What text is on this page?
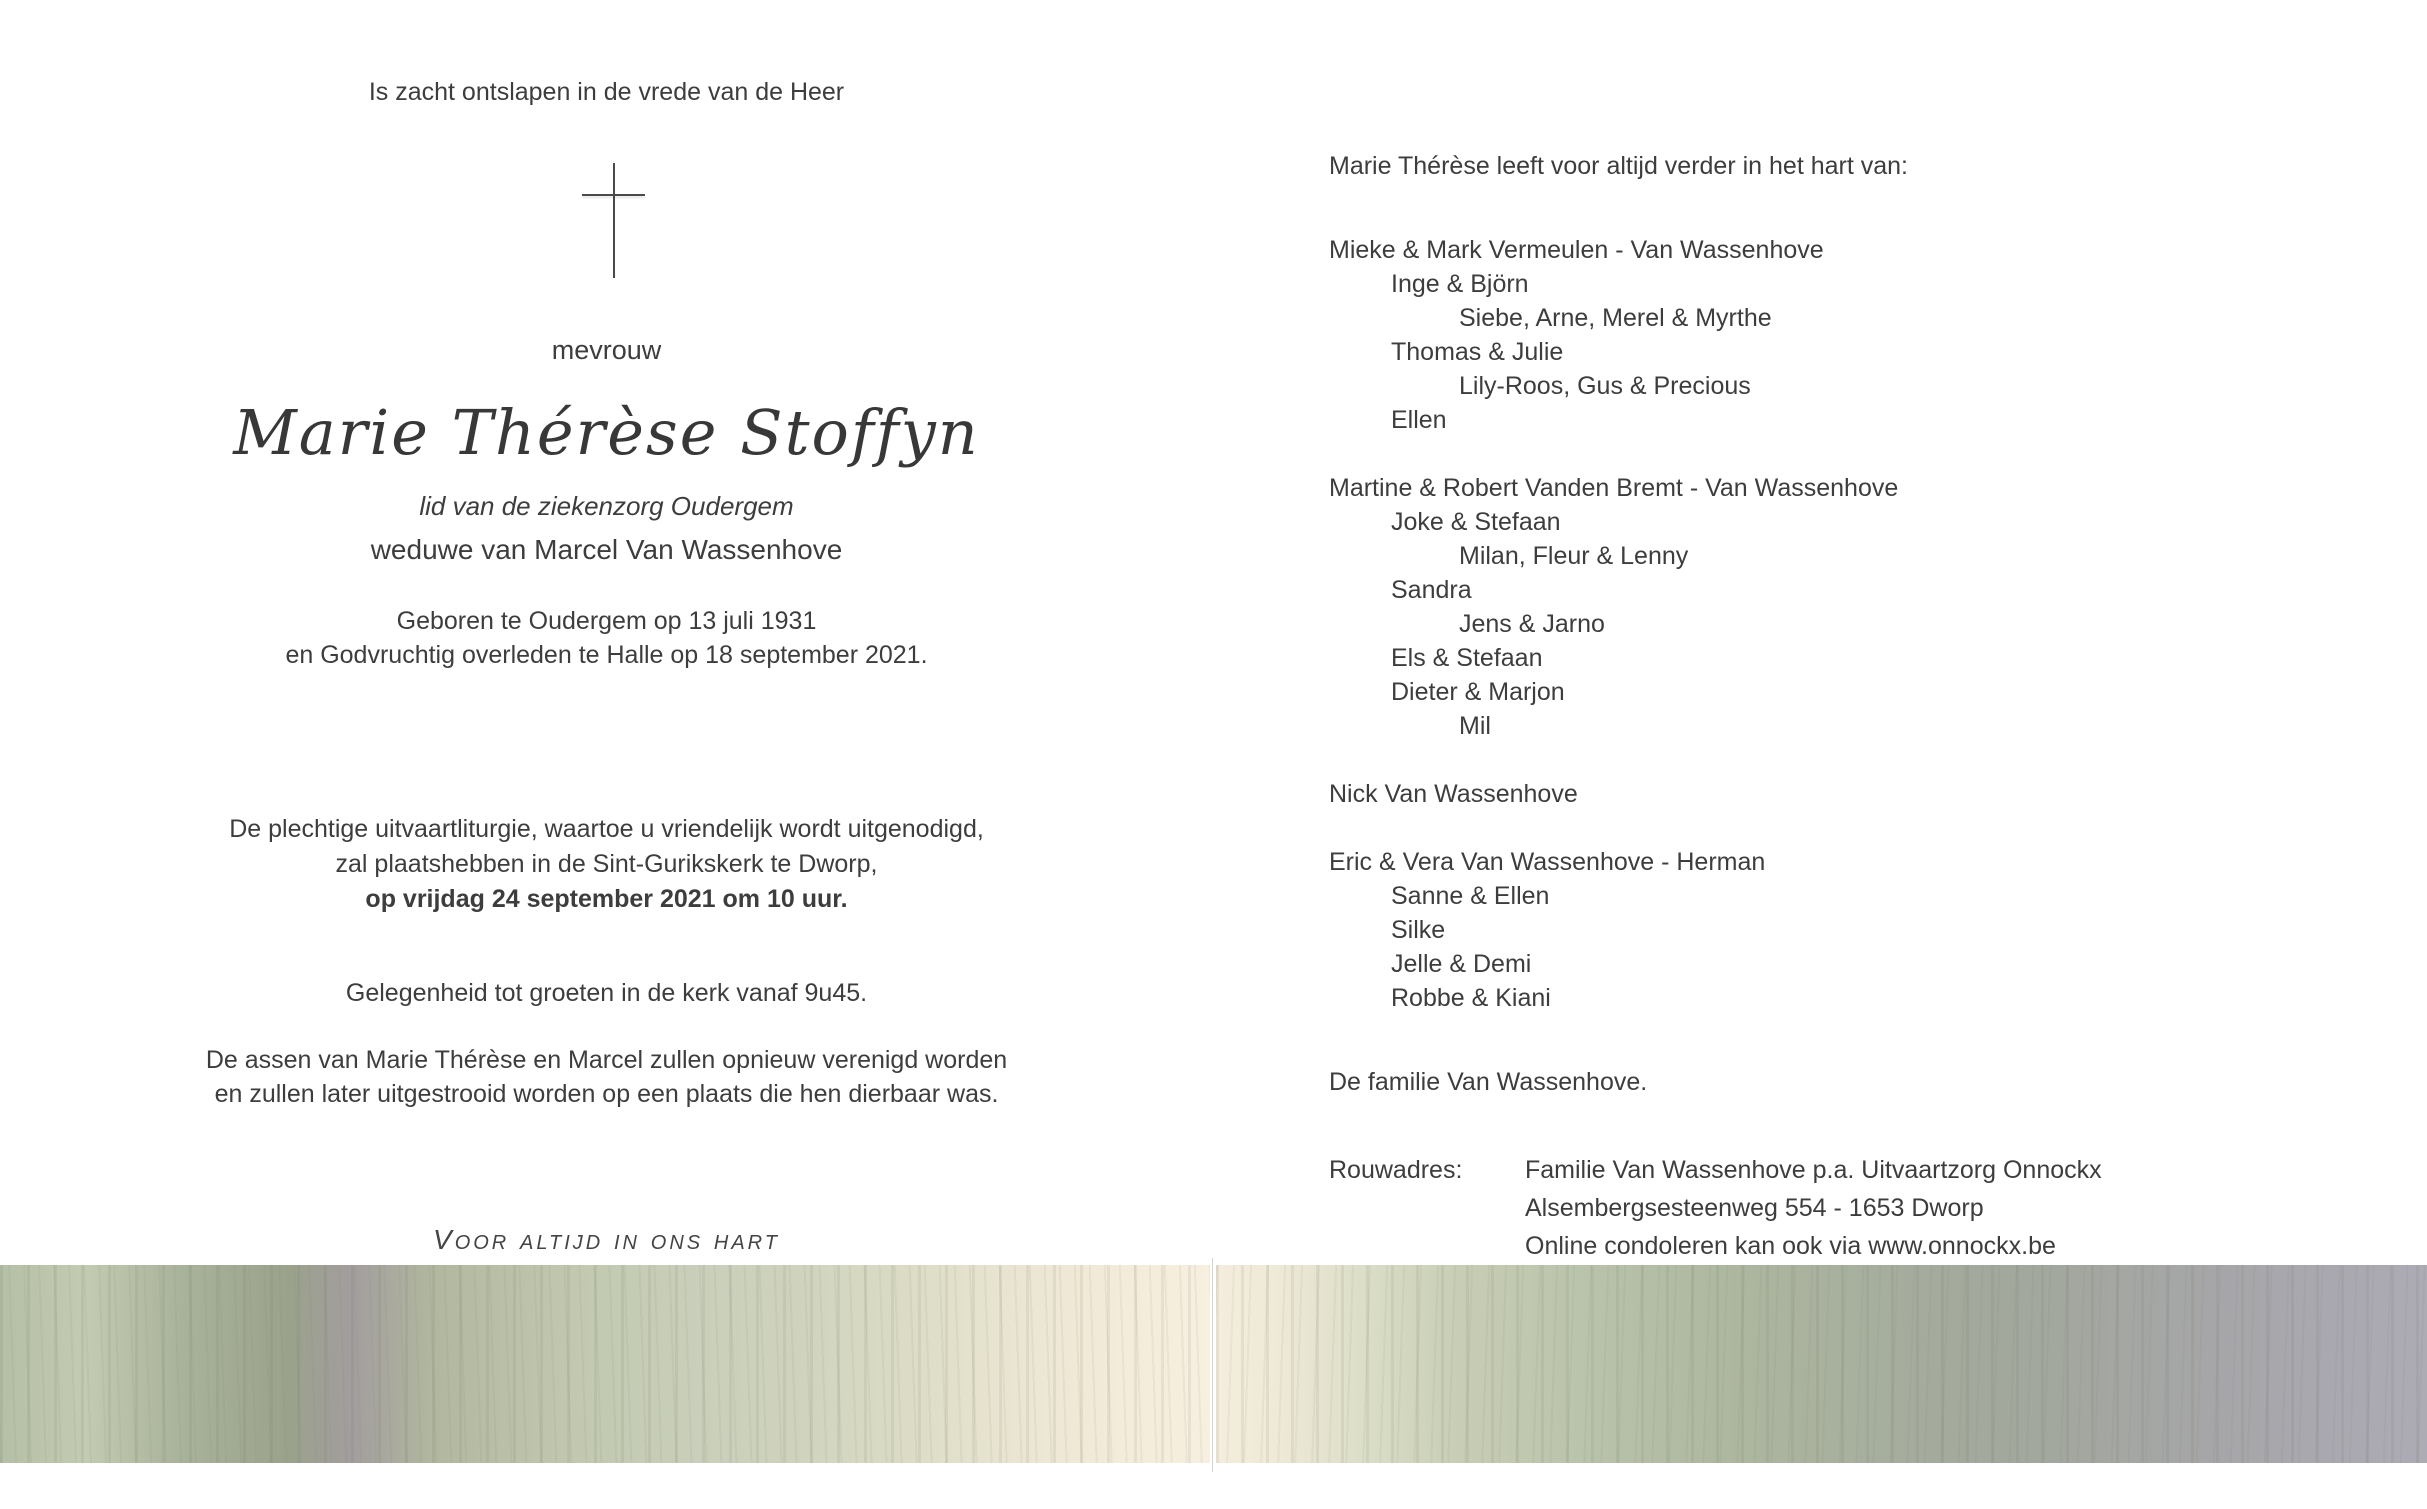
Is zacht ontslapen in de vrede van de Heer
mevrouw
Marie Thérèse Stoffyn
lid van de ziekenzorg Oudergem
weduwe van Marcel Van Wassenhove
Geboren te Oudergem op 13 juli 1931
en Godvruchtig overleden te Halle op 18 september 2021.
De plechtige uitvaartliturgie, waartoe u vriendelijk wordt uitgenodigd,
zal plaatshebben in de Sint-Gurikskerk te Dworp,
op vrijdag 24 september 2021 om 10 uur.
Gelegenheid tot groeten in de kerk vanaf 9u45.
De assen van Marie Thérèse en Marcel zullen opnieuw verenigd worden
en zullen later uitgestrooid worden op een plaats die hen dierbaar was.
Voor altijd in ons hart
Marie Thérèse leeft voor altijd verder in het hart van:
Mieke & Mark Vermeulen - Van Wassenhove
Inge & Björn
Siebe, Arne, Merel & Myrthe
Thomas & Julie
Lily-Roos, Gus & Precious
Ellen
Martine & Robert Vanden Bremt - Van Wassenhove
Joke & Stefaan
Milan, Fleur & Lenny
Sandra
Jens & Jarno
Els & Stefaan
Dieter & Marjon
Mil
Nick Van Wassenhove
Eric & Vera Van Wassenhove - Herman
Sanne & Ellen
Silke
Jelle & Demi
Robbe & Kiani
De familie Van Wassenhove.
Rouwadres:	Familie Van Wassenhove p.a. Uitvaartzorg Onnockx
Alsembergsesteenweg 554 - 1653 Dworp
Online condoleren kan ook via www.onnockx.be
